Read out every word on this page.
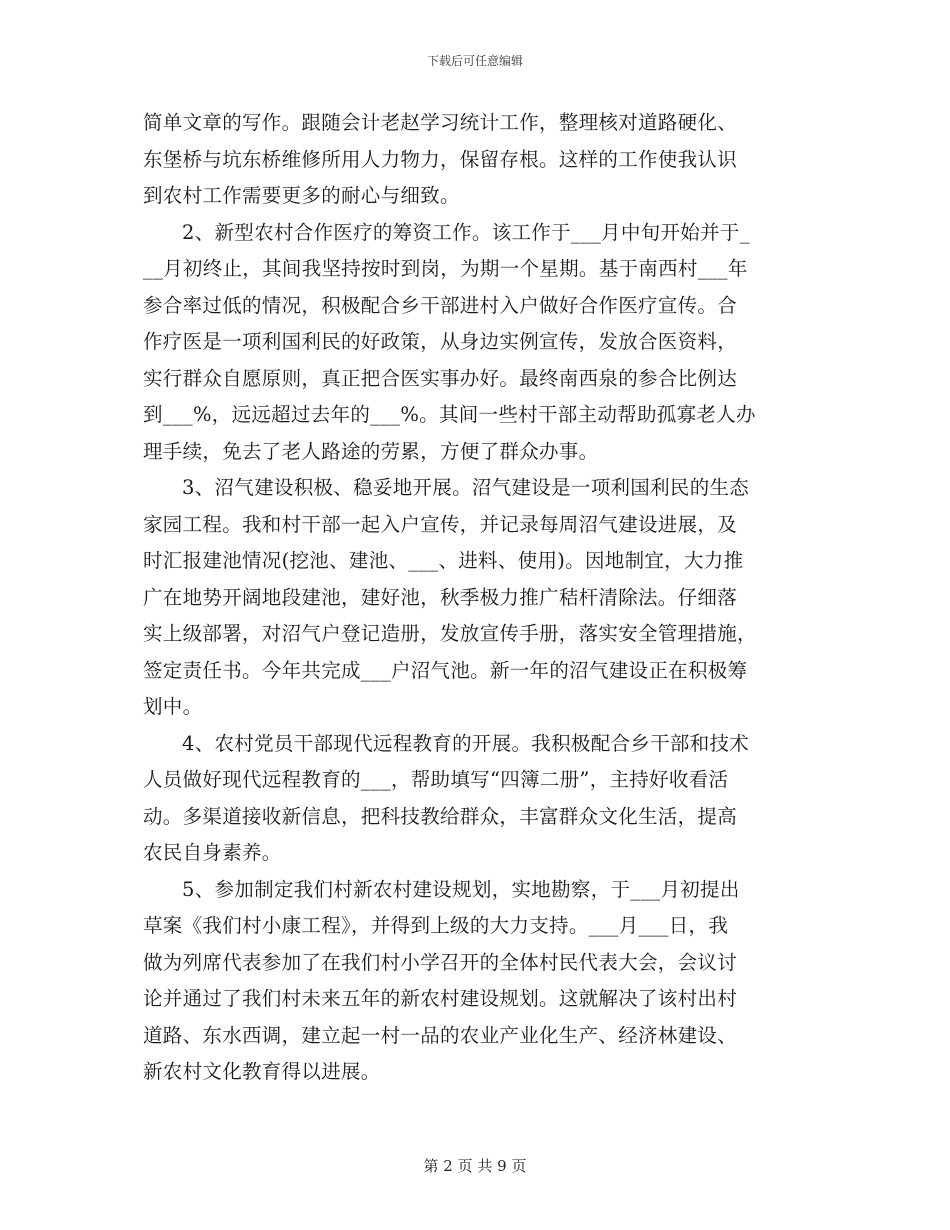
下载后可任意编辑
简单文章的写作。跟随会计老赵学习统计工作，整理核对道路硬化、
东堡桥与坑东桥维修所用人力物力，保留存根。这样的工作使我认识
到农村工作需要更多的耐心与细致。
2、新型农村合作医疗的筹资工作。该工作于___月中旬开始并于_
__月初终止，其间我坚持按时到岗，为期一个星期。基于南西村___年
参合率过低的情况，积极配合乡干部进村入户做好合作医疗宣传。合
作疗医是一项利国利民的好政策，从身边实例宣传，发放合医资料，
实行群众自愿原则，真正把合医实事办好。最终南西泉的参合比例达
到___%，远远超过去年的___%。其间一些村干部主动帮助孤寡老人办
理手续，免去了老人路途的劳累，方便了群众办事。
3、沼气建设积极、稳妥地开展。沼气建设是一项利国利民的生态
家园工程。我和村干部一起入户宣传，并记录每周沼气建设进展，及
时汇报建池情况(挖池、建池、___、进料、使用)。因地制宜，大力推
广在地势开阔地段建池，建好池，秋季极力推广秸杆清除法。仔细落
实上级部署，对沼气户登记造册，发放宣传手册，落实安全管理措施，
签定责任书。今年共完成___户沼气池。新一年的沼气建设正在积极筹
划中。
4、农村党员干部现代远程教育的开展。我积极配合乡干部和技术
人员做好现代远程教育的___，帮助填写“四簿二册”，主持好收看活
动。多渠道接收新信息，把科技教给群众，丰富群众文化生活，提高
农民自身素养。
5、参加制定我们村新农村建设规划，实地勘察，于___月初提出
草案《我们村小康工程》，并得到上级的大力支持。___月___日，我
做为列席代表参加了在我们村小学召开的全体村民代表大会，会议讨
论并通过了我们村未来五年的新农村建设规划。这就解决了该村出村
道路、东水西调，建立起一村一品的农业产业化生产、经济林建设、
新农村文化教育得以进展。
第 2 页 共 9 页
